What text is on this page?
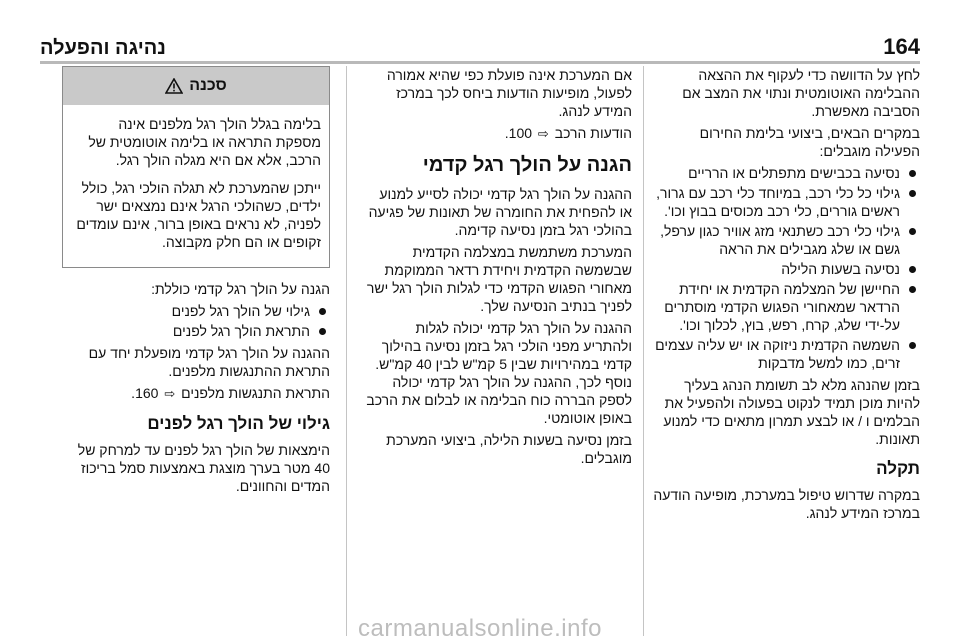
164
נהיגה והפעלה

לחץ על הדוושה כדי לעקוף את ההצאה ההבלימה האוטומטית ונתוי את המצב אם הסביבה מאפשרת.

במקרים הבאים, ביצועי בלימת החירום הפעילה מוגבלים:

נסיעה בכבישים מתפתלים או הרריים
גילוי כל כלי רכב, במיוחד כלי רכב עם גרור, ראשים גוררים, כלי רכב מכוסים בבוץ וכו'.
גילוי כלי רכב כשתנאי מזג אוויר כגון ערפל, גשם או שלג מגבילים את הראה
נסיעה בשעות הלילה
החיישן של המצלמה הקדמית או יחידת הרדאר שמאחורי הפגוש הקדמי מוסתרים על-ידי שלג, קרח, רפש, בוץ, לכלוך וכו'.
השמשה הקדמית ניזוקה או יש עליה עצמים זרים, כמו למשל מדבקות

בזמן שהנהג מלא לב תשומת הנהג בעליך להיות מוכן תמיד לנקוט בפעולה ולהפעיל את הבלמים ו / או לבצע תמרון מתאים כדי למנוע תאונות.

תקלה

במקרה שדרוש טיפול במערכת, מופיעה הודעה במרכז המידע לנהג.

אם המערכת אינה פועלת כפי שהיא אמורה לפעול, מופיעות הודעות ביחס לכך במרכז המידע לנהג.

הודעות הרכב ⇨ 100.

הגנה על הולך רגל קדמי

ההגנה על הולך רגל קדמי יכולה לסייע למנוע או להפחית את החומרה של תאונות של פגיעה בהולכי רגל בזמן נסיעה קדימה.

המערכת משתמשת במצלמה הקדמית שבשמשה הקדמית ויחידת רדאר הממוקמת מאחורי הפגוש הקדמי כדי לגלות הולך רגל ישר לפניך בנתיב הנסיעה שלך.

ההגנה על הולך רגל קדמי יכולה לגלות ולהתריע מפני הולכי רגל בזמן נסיעה בהילוך קדמי במהירויות שבין 5 קמ"ש לבין 40 קמ"ש. נוסף לכך, ההגנה על הולך רגל קדמי יכולה לספק הבררה כוח הבלימה או לבלום את הרכב באופן אוטומטי.

בזמן נסיעה בשעות הלילה, ביצועי המערכת מוגבלים.

סכנה

בלימה בגלל הולך רגל מלפנים אינה מספקת התראה או בלימה אוטומטית של הרכב, אלא אם היא מגלה הולך רגל.

ייתכן שהמערכת לא תגלה הולכי רגל, כולל ילדים, כשהולכי הרגל אינם נמצאים ישר לפניה, לא נראים באופן ברור, אינם עומדים זקופים או הם חלק מקבוצה.

הגנה על הולך רגל קדמי כוללת:

גילוי של הולך רגל לפנים
התראת הולך רגל לפנים

ההגנה על הולך רגל קדמי מופעלת יחד עם התראת ההתנגשות מלפנים.

התראת התנגשות מלפנים ⇨ 160.

גילוי של הולך רגל לפנים

הימצאות של הולך רגל לפנים עד למרחק של 40 מטר בערך מוצגת באמצעות סמל בריכוז המדים והחוונים.

carmanualsonline.info
